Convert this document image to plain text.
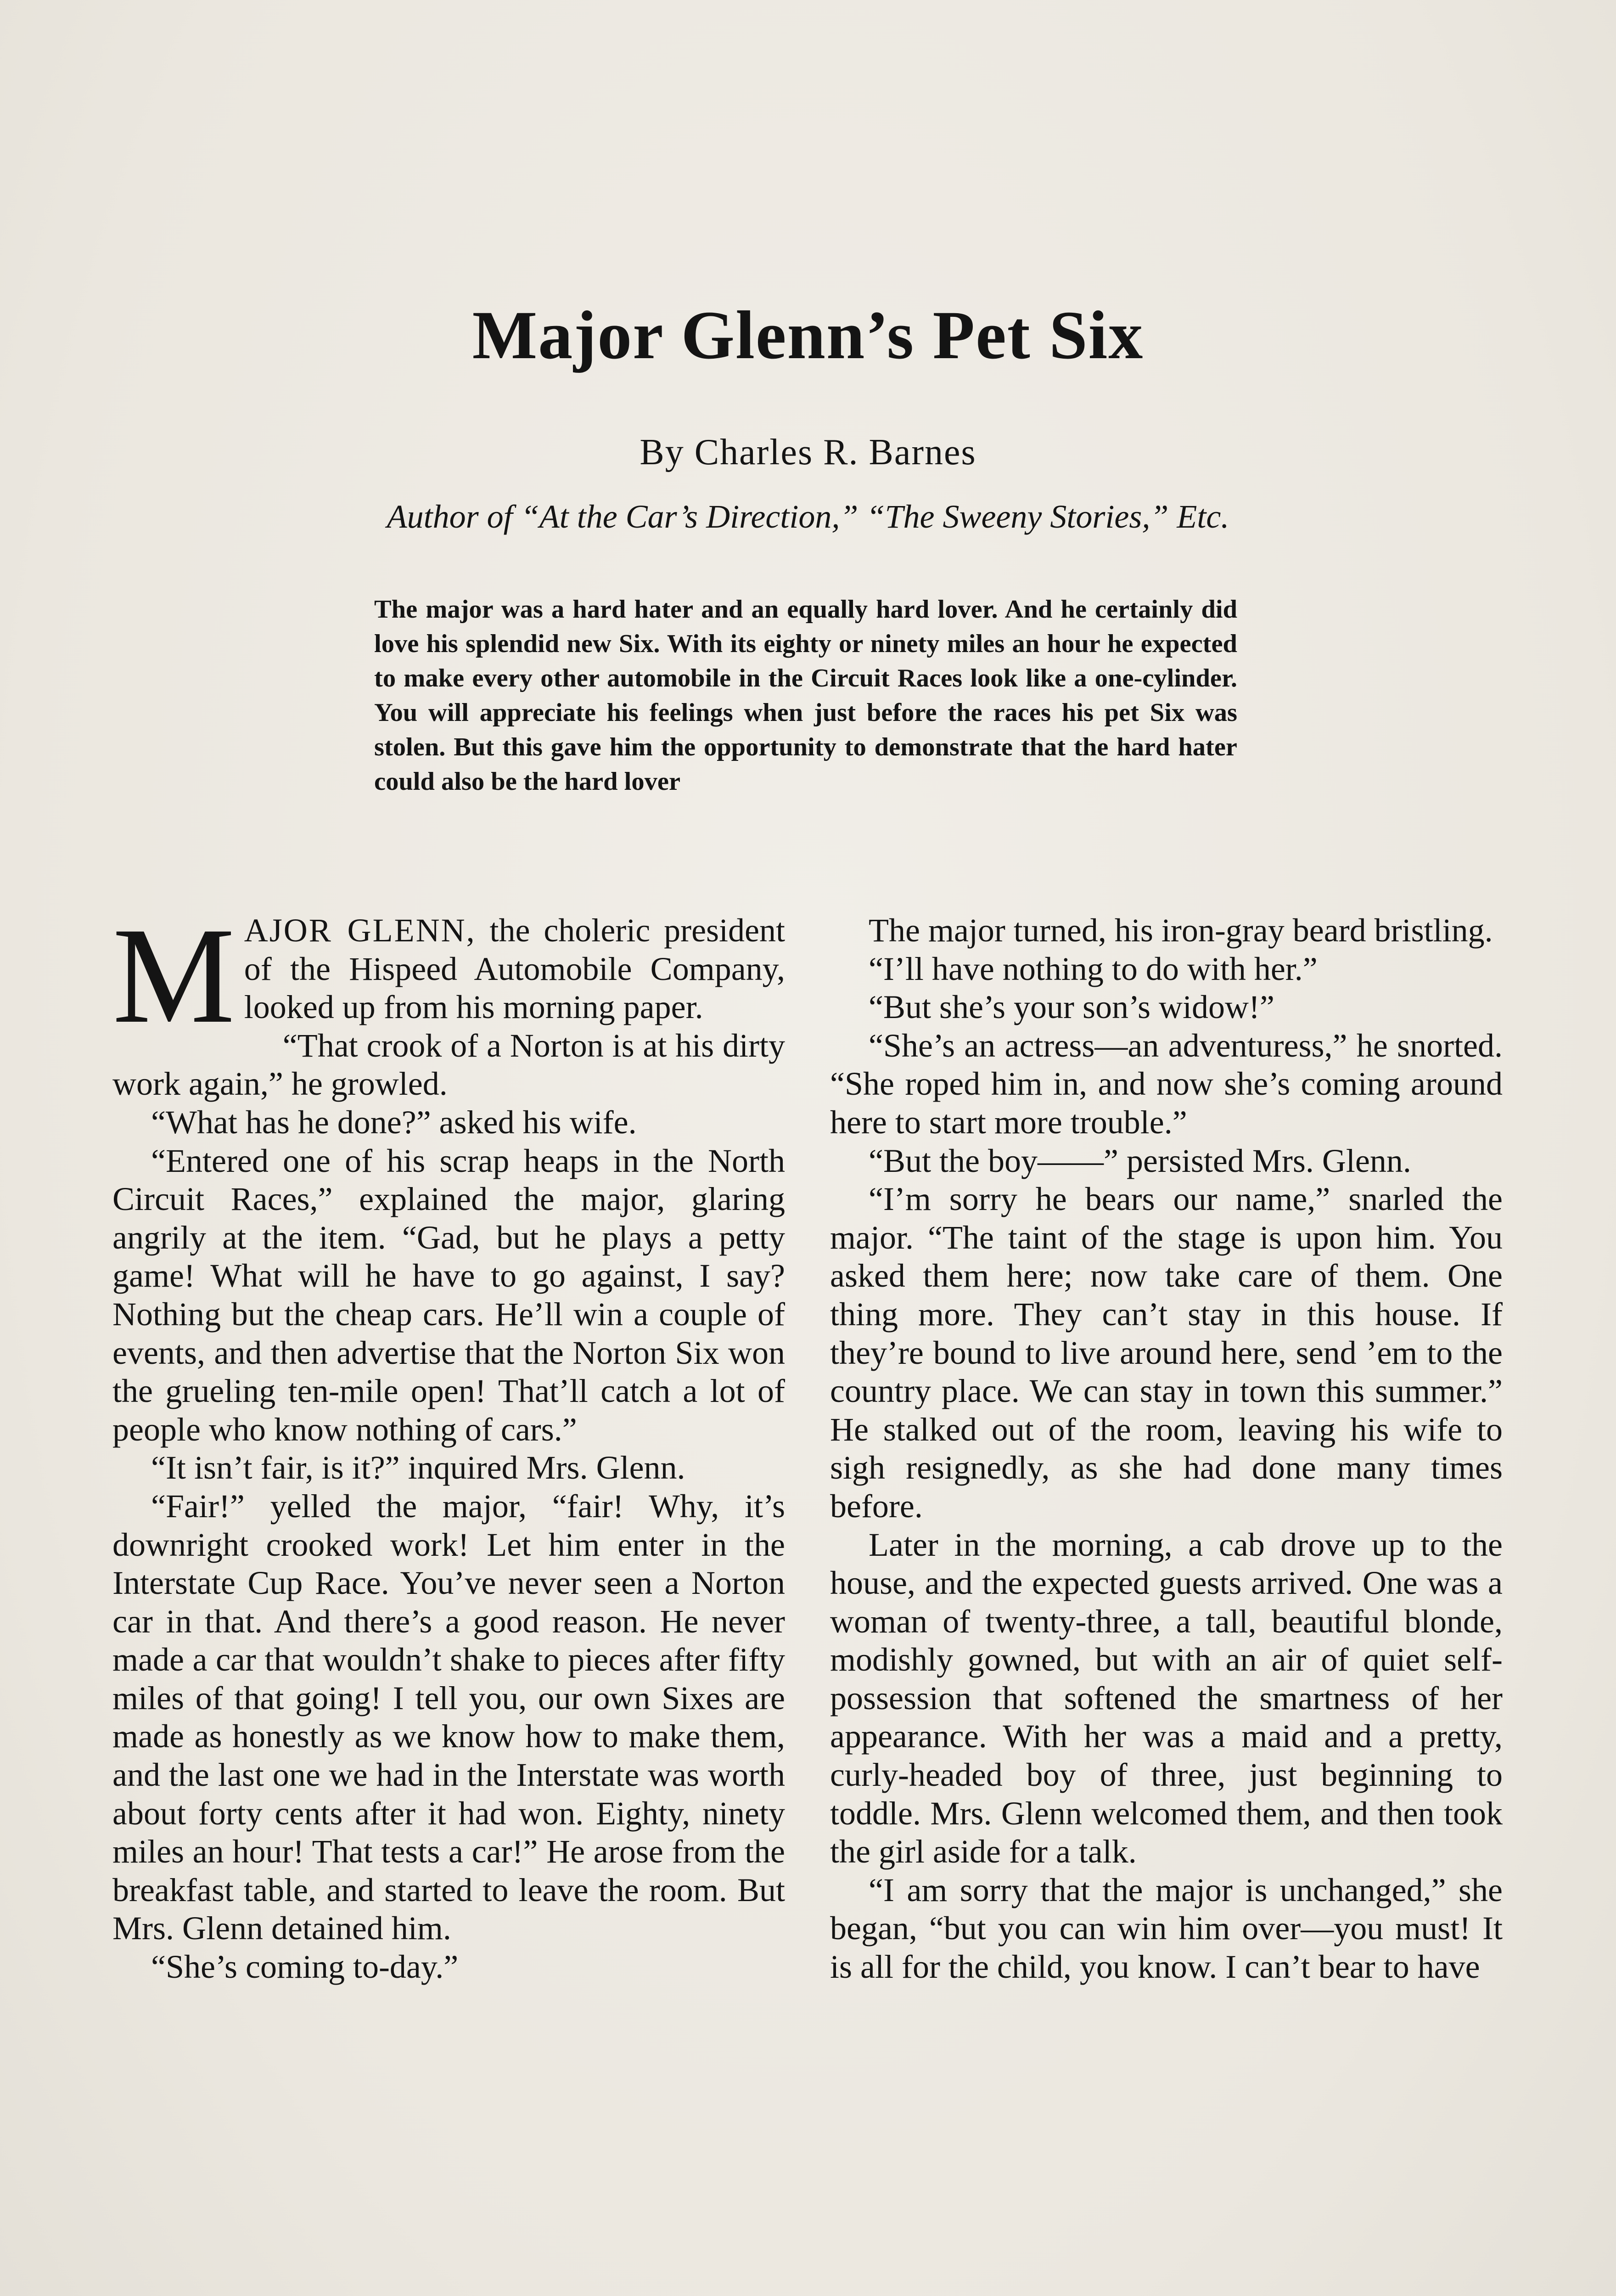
Major Glenn’s Pet Six
By Charles R. Barnes
Author of “At the Car’s Direction,” “The Sweeny Stories,” Etc.
The major was a hard hater and an equally hard lover. And he certainly did love his splendid new Six. With its eighty or ninety miles an hour he expected to make every other automobile in the Circuit Races look like a one-cylinder. You will appreciate his feelings when just before the races his pet Six was stolen. But this gave him the opportunity to demonstrate that the hard hater could also be the hard lover

MAJOR GLENN, the choleric president of the Hispeed Automobile Company, looked up from his morning paper.

“That crook of a Norton is at his dirty work again,” he growled.

“What has he done?” asked his wife.

“Entered one of his scrap heaps in the North Circuit Races,” explained the major, glaring angrily at the item. “Gad, but he plays a petty game! What will he have to go against, I say? Nothing but the cheap cars. He’ll win a couple of events, and then advertise that the Norton Six won the grueling ten-mile open! That’ll catch a lot of people who know nothing of cars.”

“It isn’t fair, is it?” inquired Mrs. Glenn.

“Fair!” yelled the major, “fair! Why, it’s downright crooked work! Let him enter in the Interstate Cup Race. You’ve never seen a Norton car in that. And there’s a good reason. He never made a car that wouldn’t shake to pieces after fifty miles of that going! I tell you, our own Sixes are made as honestly as we know how to make them, and the last one we had in the Interstate was worth about forty cents after it had won. Eighty, ninety miles an hour! That tests a car!” He arose from the breakfast table, and started to leave the room. But Mrs. Glenn detained him.

“She’s coming to-day.”

The major turned, his iron-gray beard bristling.

“I’ll have nothing to do with her.”

“But she’s your son’s widow!”

“She’s an actress—an adventuress,” he snorted. “She roped him in, and now she’s coming around here to start more trouble.”

“But the boy——” persisted Mrs. Glenn.

“I’m sorry he bears our name,” snarled the major. “The taint of the stage is upon him. You asked them here; now take care of them. One thing more. They can’t stay in this house. If they’re bound to live around here, send ’em to the country place. We can stay in town this summer.” He stalked out of the room, leaving his wife to sigh resignedly, as she had done many times before.

Later in the morning, a cab drove up to the house, and the expected guests arrived. One was a woman of twenty-three, a tall, beautiful blonde, modishly gowned, but with an air of quiet self-possession that softened the smartness of her appearance. With her was a maid and a pretty, curly-headed boy of three, just beginning to toddle. Mrs. Glenn welcomed them, and then took the girl aside for a talk.

“I am sorry that the major is unchanged,” she began, “but you can win him over—you must! It is all for the child, you know. I can’t bear to have
